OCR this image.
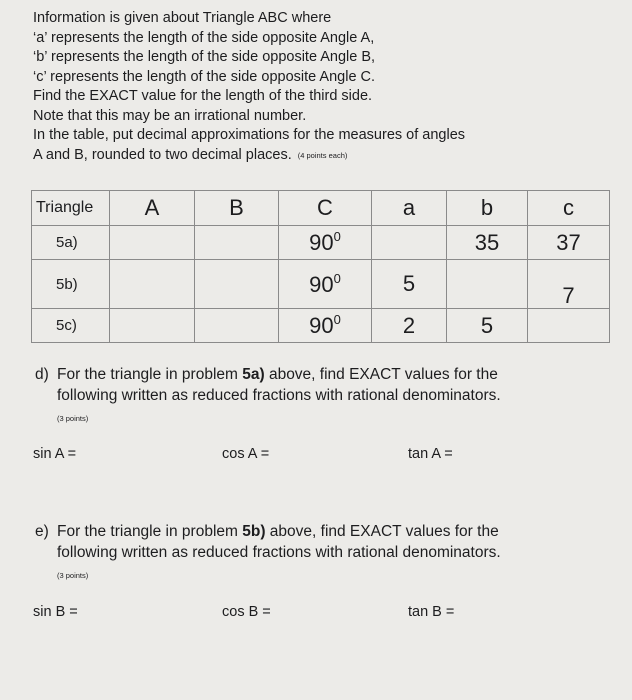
Information is given about Triangle ABC where
‘a’ represents the length of the side opposite Angle A,
‘b’ represents the length of the side opposite Angle B,
‘c’ represents the length of the side opposite Angle C.
Find the EXACT value for the length of the third side.
Note that this may be an irrational number.
In the table, put decimal approximations for the measures of angles
A and B, rounded to two decimal places. (4 points each)
Triangle	A	B	C	a	b	c
5a)			$90^0$		35	37

5b)			$90^0$	5		7

5c)			$90^0$	2	5	
d) For the triangle in problem 5a) above, find EXACT values for the
following written as reduced fractions with rational denominators.
(3 points)
sin A =	cos A =	tan A =
e) For the triangle in problem 5b) above, find EXACT values for the
following written as reduced fractions with rational denominators.
(3 points)
sin B =	cos B =	tan B =
